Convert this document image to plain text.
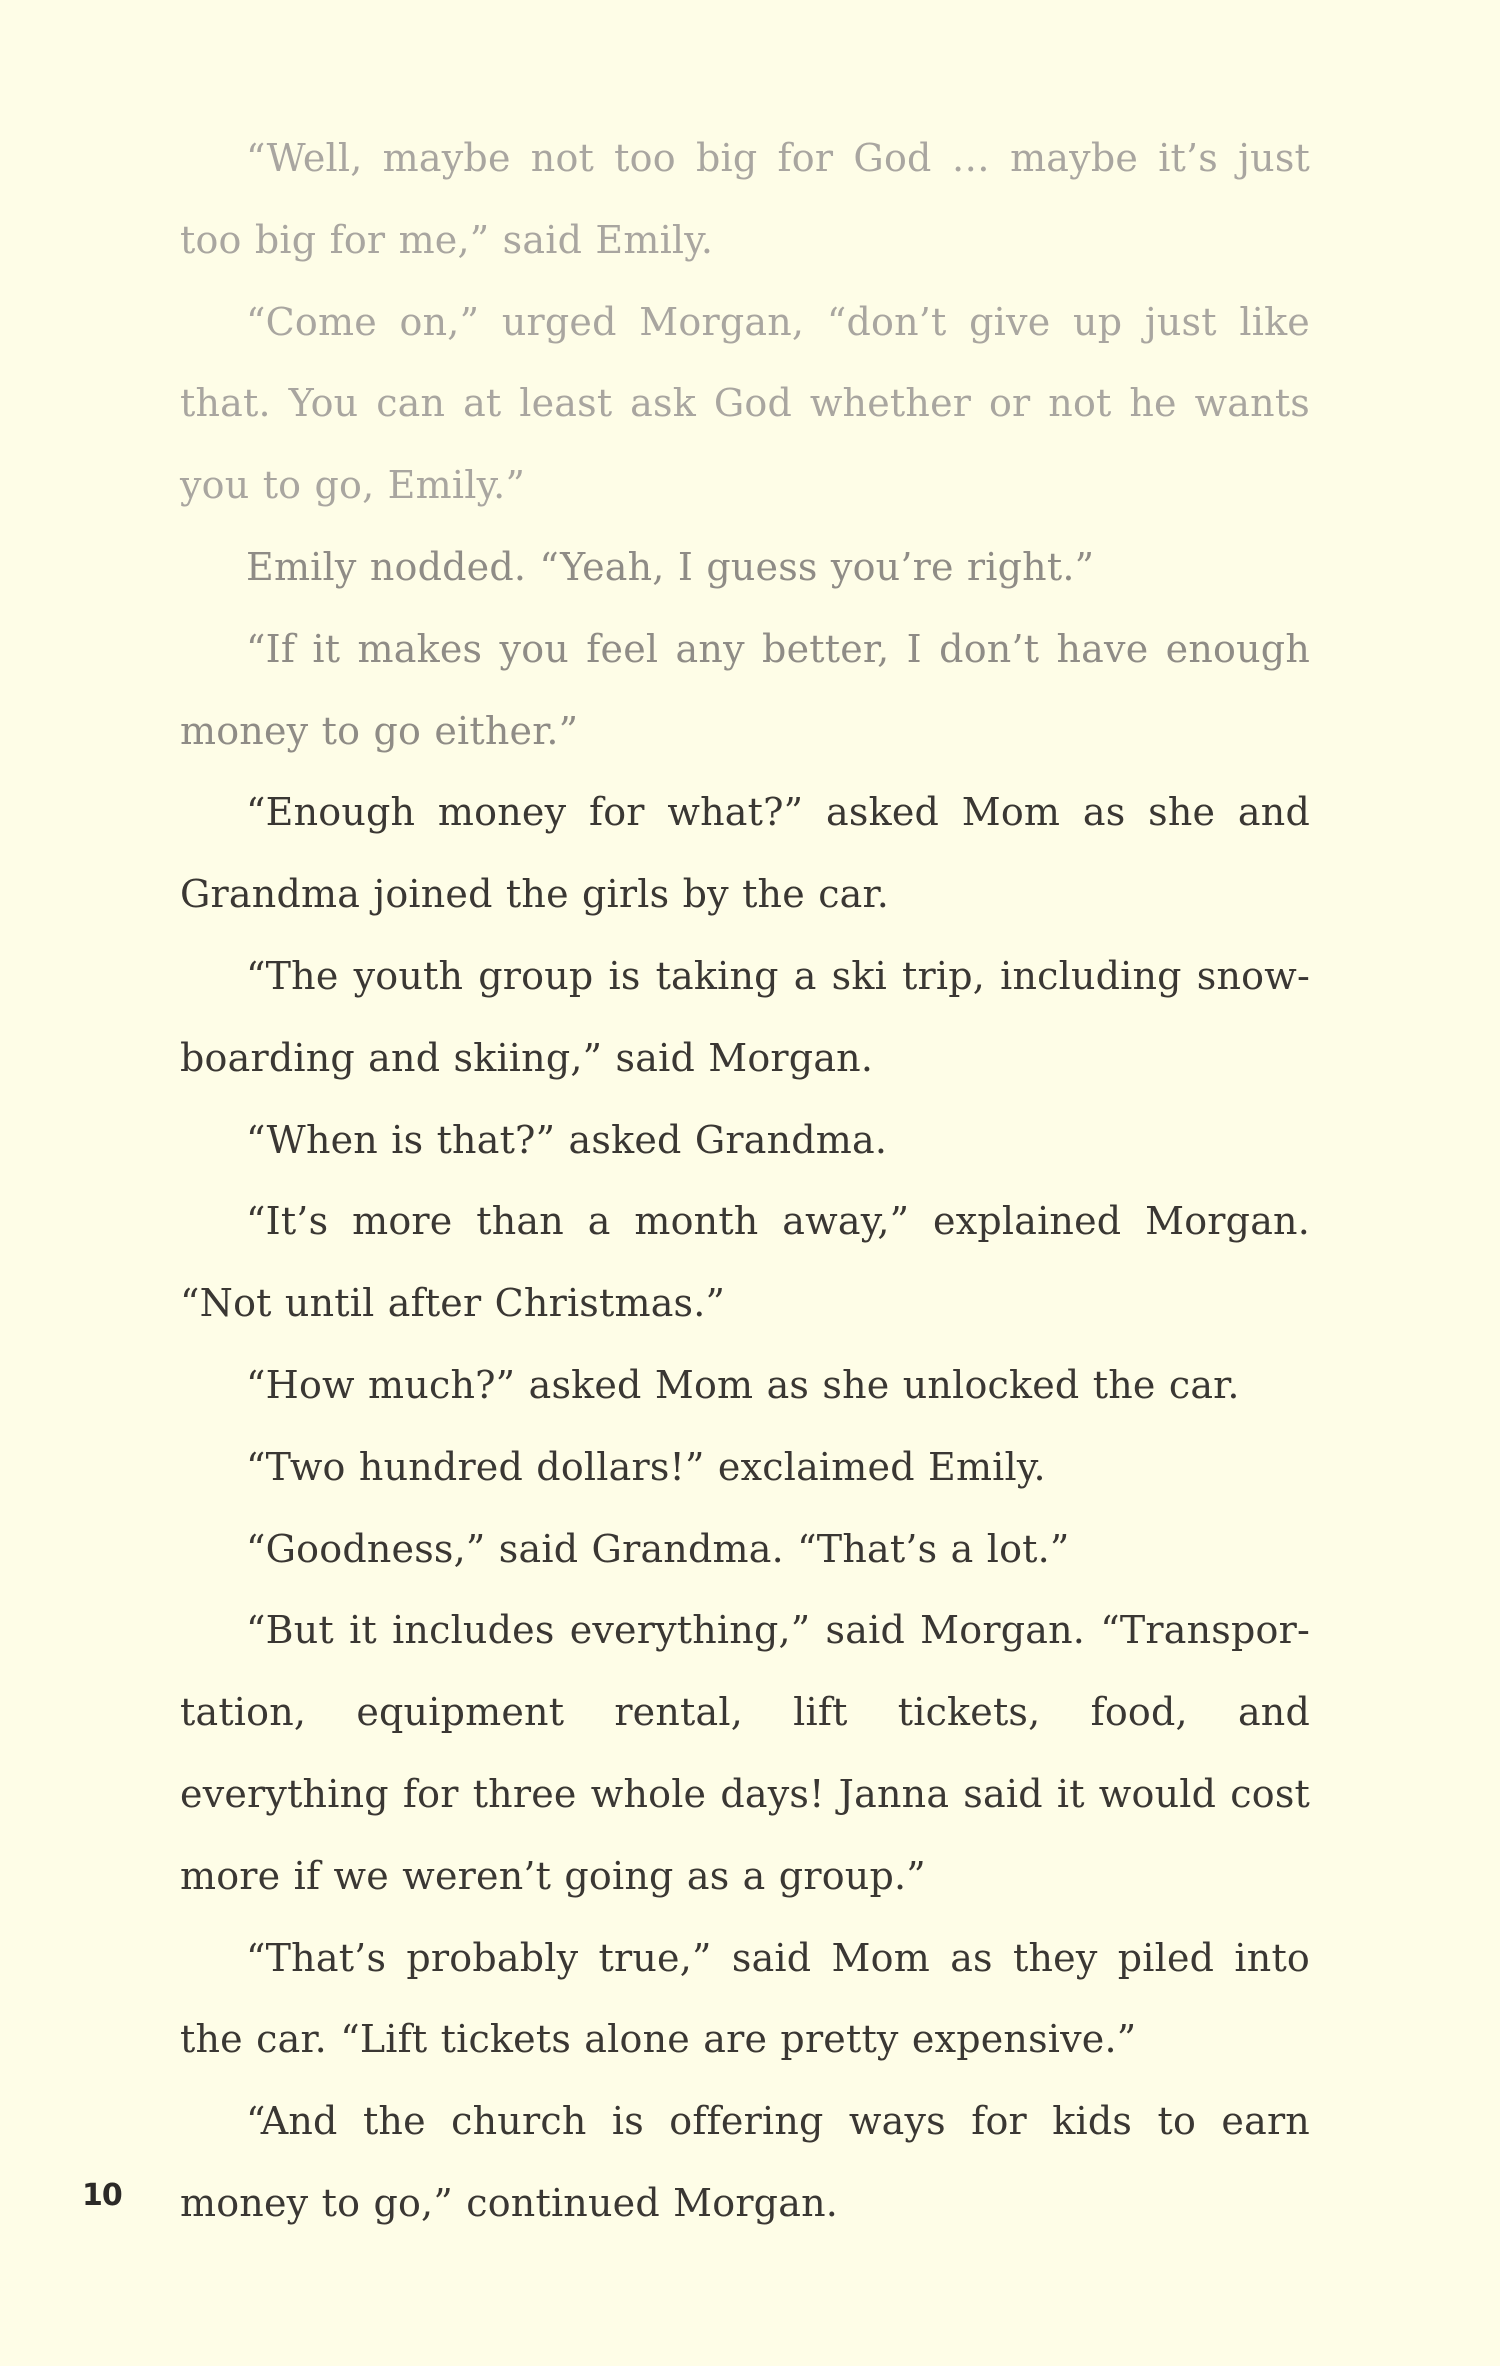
“Well, maybe not too big for God … maybe it’s just too big for me,” said Emily.

“Come on,” urged Morgan, “don’t give up just like that. You can at least ask God whether or not he wants you to go, Emily.”

Emily nodded. “Yeah, I guess you’re right.”

“If it makes you feel any better, I don’t have enough money to go either.”

“Enough money for what?” asked Mom as she and Grandma joined the girls by the car.

“The youth group is taking a ski trip, including snow-boarding and skiing,” said Morgan.

“When is that?” asked Grandma.

“It’s more than a month away,” explained Morgan. “Not until after Christmas.”

“How much?” asked Mom as she unlocked the car.

“Two hundred dollars!” exclaimed Emily.

“Goodness,” said Grandma. “That’s a lot.”

“But it includes everything,” said Morgan. “Transpor-tation, equipment rental, lift tickets, food, and everything for three whole days! Janna said it would cost more if we weren’t going as a group.”

“That’s probably true,” said Mom as they piled into the car. “Lift tickets alone are pretty expensive.”

“And the church is offering ways for kids to earn money to go,” continued Morgan.

10
